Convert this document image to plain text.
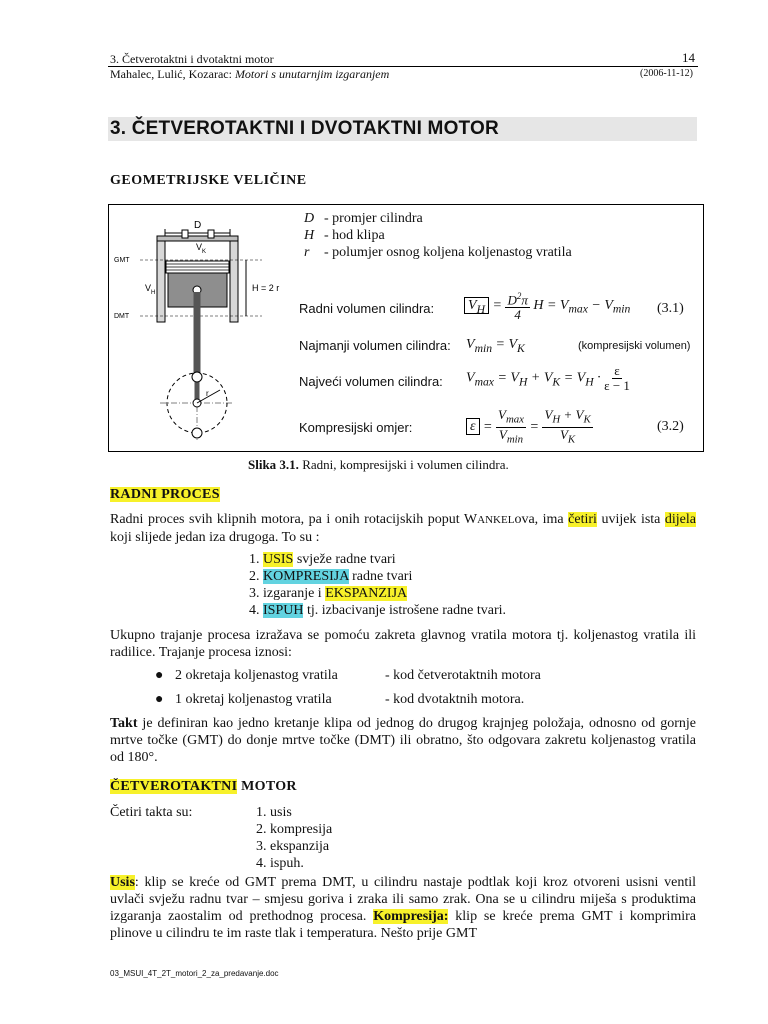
3. Četverotaktni i dvotaktni motor	14
Mahalec, Lulić, Kozarac: Motori s unutarnjim izgaranjem	(2006-11-12)
3. ČETVEROTAKTNI I DVOTAKTNI MOTOR
GEOMETRIJSKE VELIČINE
D
GMT
DMT
$V_K$
$V_H$	H = 2 r
r
D - promjer cilindra
H - hod klipa
r - polumjer osnog koljena koljenastog vratila
Radni volumen cilindra: $V_H = \frac{D^2\pi}{4}$ $H = V_{max} - V_{min}$ (3.1)
Najmanji volumen cilindra: $V_{min} = V_K$	(kompresijski volumen)
Najveći volumen cilindra: $V_{max} = V_H + V_K = V_H \cdot \frac{\varepsilon}{\varepsilon - 1}$
Kompresijski omjer:	$\varepsilon = \frac{V_{max}}{V_{min}} = \frac{V_H + V_K}{V_K}$	(3.2)
Slika 3.1. Radni, kompresijski i volumen cilindra.
RADNI PROCES

Radni proces svih klipnih motora, pa i onih rotacijskih poput WANKELova, ima četiri uvijek ista dijela koji slijede jedan iza drugoga. To su :

1. USIS svježe radne tvari
2. KOMPRESIJA radne tvari
3. izgaranje i EKSPANZIJA
4. ISPUH tj. izbacivanje istrošene radne tvari.

Ukupno trajanje procesa izražava se pomoću zakreta glavnog vratila motora tj. koljenastog vratila ili radilice. Trajanje procesa iznosi:

● 2 okretaja koljenastog vratila	- kod četverotaktnih motora
● 1 okretaj koljenastog vratila	- kod dvotaktnih motora.

Takt je definiran kao jedno kretanje klipa od jednog do drugog krajnjeg položaja, odnosno od gornje mrtve točke (GMT) do donje mrtve točke (DMT) ili obratno, što odgovara zakretu koljenastog vratila od 180°.

ČETVEROTAKTNI MOTOR
Četiri takta su:	1. usis
2. kompresija
3. ekspanzija
4. ispuh.

Usis: klip se kreće od GMT prema DMT, u cilindru nastaje podtlak koji kroz otvoreni usisni ventil uvlači svježu radnu tvar – smjesu goriva i zraka ili samo zrak. Ona se u cilindru miješa s produktima izgaranja zaostalim od prethodnog procesa. Kompresija: klip se kreće prema GMT i komprimira plinove u cilindru te im raste tlak i temperatura. Nešto prije GMT

03_MSUI_4T_2T_motori_2_za_predavanje.doc
